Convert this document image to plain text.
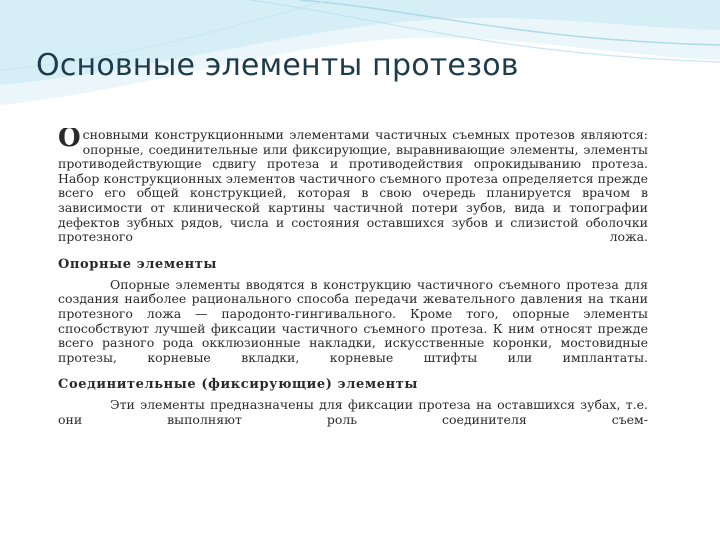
Основные элементы протезов

Основными конструкционными элементами частичных съемных протезов являются: опорные, соединительные или фиксирующие, выравнивающие элементы, элементы противодействующие сдвигу протеза и противодействия опрокидыванию протеза. Набор конструкционных элементов частичного съемного протеза определяется прежде всего его общей конструкцией, которая в свою очередь планируется врачом в зависимости от клинической картины частичной потери зубов, вида и топографии дефектов зубных рядов, числа и состояния оставшихся зубов и слизистой оболочки протезного ложа.

Опорные элементы

Опорные элементы вводятся в конструкцию частичного съемного протеза для создания наиболее рационального способа передачи жевательного давления на ткани протезного ложа — пародонто-гингивального. Кроме того, опорные элементы способствуют лучшей фиксации частичного съемного протеза. К ним относят прежде всего разного рода окклюзионные накладки, искусственные коронки, мостовидные протезы, корневые вкладки, корневые штифты или имплантаты.

Соединительные (фиксирующие) элементы

Эти элементы предназначены для фиксации протеза на оставшихся зубах, т.е. они выполняют роль соединителя съем-
